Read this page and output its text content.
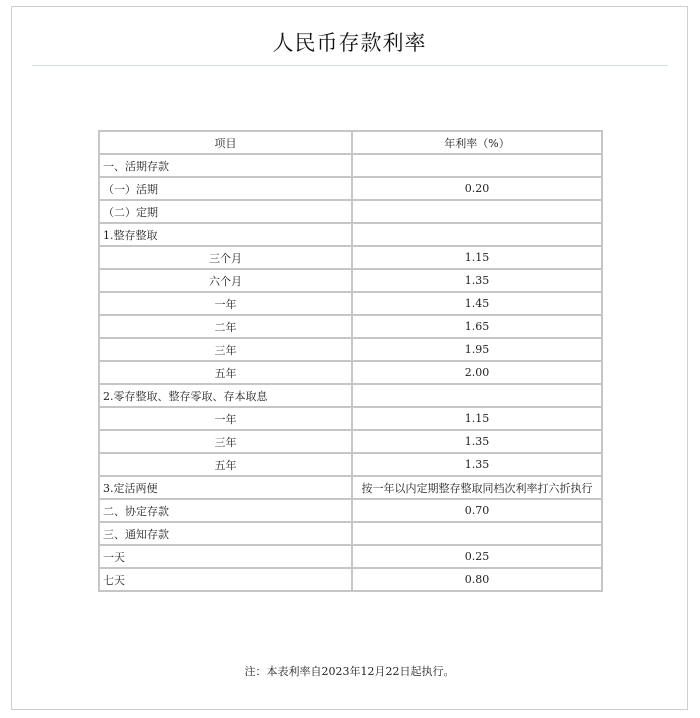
人民币存款利率
项目	年利率（%）
一、活期存款	
（一）活期	0.20
（二）定期	
1.整存整取	
三个月	1.15
六个月	1.35
一年	1.45
二年	1.65
三年	1.95
五年	2.00
2.零存整取、整存零取、存本取息	
一年	1.15
三年	1.35
五年	1.35
3.定活两便	按一年以内定期整存整取同档次利率打六折执行
二、协定存款	0.70
三、通知存款	
一天	0.25
七天	0.80
注：本表利率自2023年12月22日起执行。
